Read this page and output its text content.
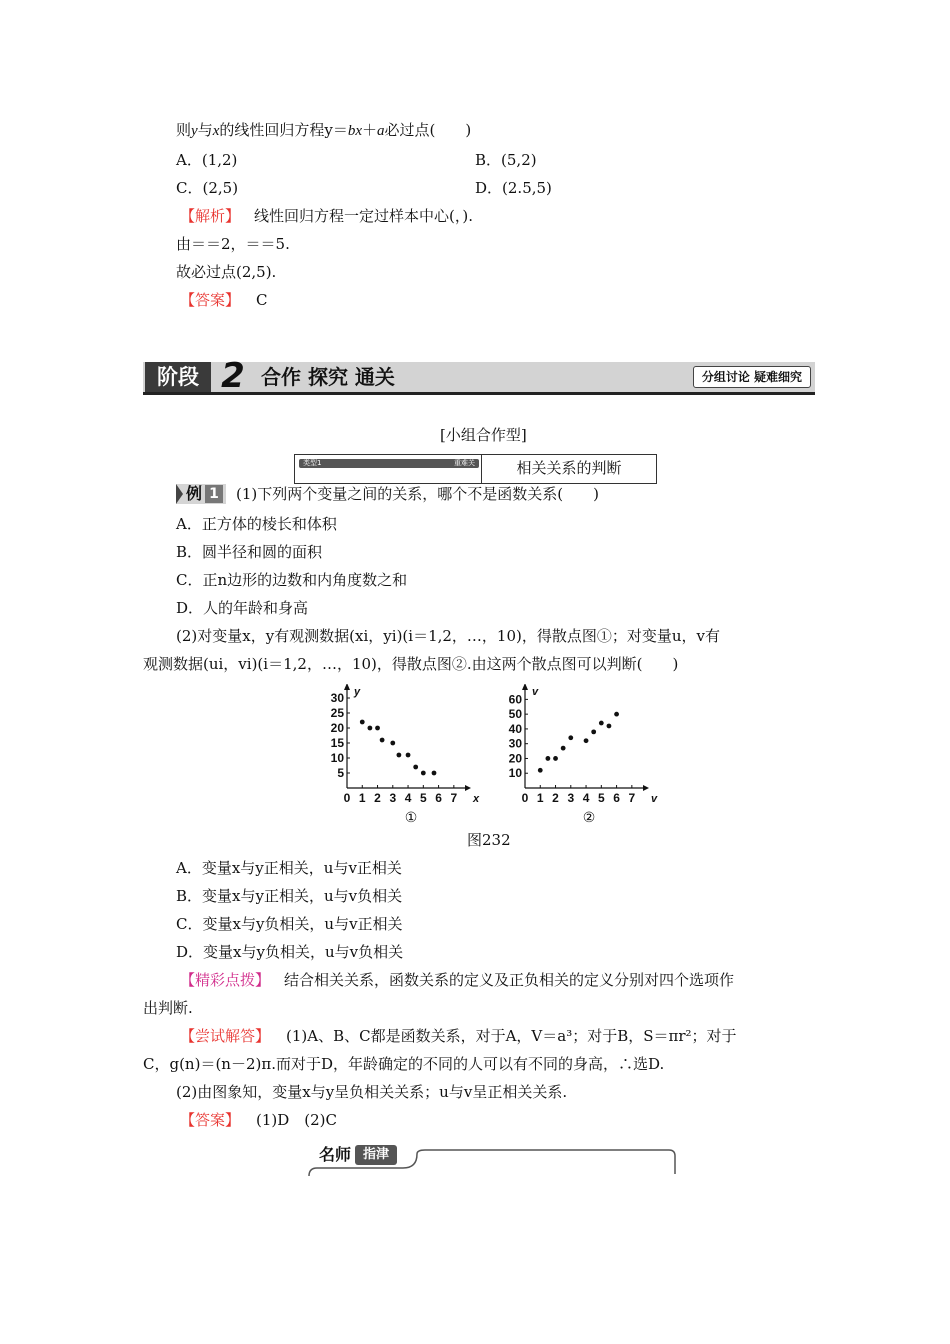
则y与x的线性回归方程y＝bx＋a必过点(　　)
A．(1,2)	B．(5,2)
C．(2,5)	D．(2.5,5)
【解析】 线性回归方程一定过样本中心(，).
由＝＝2，＝＝5.
故必过点(2,5).
【答案】 C
阶段 2 合作 探究 通关	分组讨论 疑难细究
[小组合作型]
类型1	重难关	相关关系的判断
例 1 (1)下列两个变量之间的关系，哪个不是函数关系(　　)
A．正方体的棱长和体积
B．圆半径和圆的面积
C．正n边形的边数和内角度数之和
D．人的年龄和身高
(2)对变量x，y有观测数据(xi，yi)(i＝1,2，…，10)，得散点图①；对变量u，v有
观测数据(ui，vi)(i＝1,2，…，10)，得散点图②.由这两个散点图可以判断(　　)
0 1 2 3 4 5 6 7
5
10
15
20
25
30
x
y
①
0 1 2 3 4 5 6 7
10
20
30
40
50
60
v
v
②
图232
A．变量x与y正相关，u与v正相关
B．变量x与y正相关，u与v负相关
C．变量x与y负相关，u与v正相关
D．变量x与y负相关，u与v负相关
【精彩点拨】 结合相关关系，函数关系的定义及正负相关的定义分别对四个选项作
出判断.
【尝试解答】 (1)A、B、C都是函数关系，对于A，V＝a³；对于B，S＝πr²；对于
C，g(n)＝(n－2)π.而对于D，年龄确定的不同的人可以有不同的身高，∴选D.
(2)由图象知，变量x与y呈负相关关系；u与v呈正相关关系.
【答案】 (1)D　(2)C
名师 指津
